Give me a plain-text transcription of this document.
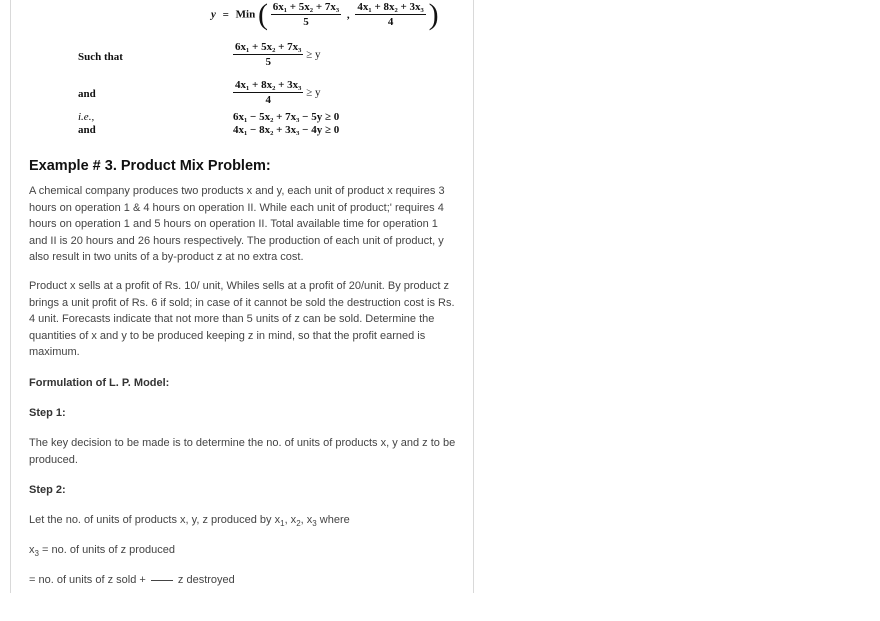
y = Min ( $\frac{\text{6x₁ + 5x₂ + 7x₃}}{5}$ , $\frac{\text{4x₁ + 8x₂ + 3x₃}}{4}$ )
Such that	$\frac{\text{6x₁ + 5x₂ + 7x₃}}{5} \ge y$
and	$\frac{\text{4x₁ + 8x₂ + 3x₃}}{4} \ge y$
i.e.,	6x₁ − 5x₂ + 7x₃ − 5y ≥ 0
and	4x₁ − 8x₂ + 3x₃ − 4y ≥ 0
Example # 3. Product Mix Problem:

A chemical company produces two products x and y, each unit of product x requires 3 hours on operation 1 & 4 hours on operation II. While each unit of product;' requires 4 hours on operation 1 and 5 hours on operation II. Total available time for operation 1 and II is 20 hours and 26 hours respectively. The production of each unit of product, y also result in two units of a by-product z at no extra cost.

Product x sells at a profit of Rs. 10/ unit, Whiles sells at a profit of 20/unit. By product z brings a unit profit of Rs. 6 if sold; in case of it cannot be sold the destruction cost is Rs. 4 unit. Forecasts indicate that not more than 5 units of z can be sold. Determine the quantities of x and y to be produced keeping z in mind, so that the profit earned is maximum.

Formulation of L. P. Model:

Step 1:

The key decision to be made is to determine the no. of units of products x, y and z to be produced.

Step 2:

Let the no. of units of products x, y, z produced by $x_1$, $x_2$, $x_3$ where

$x_3$ = no. of units of z produced

= no. of units of z sold +  z destroyed
